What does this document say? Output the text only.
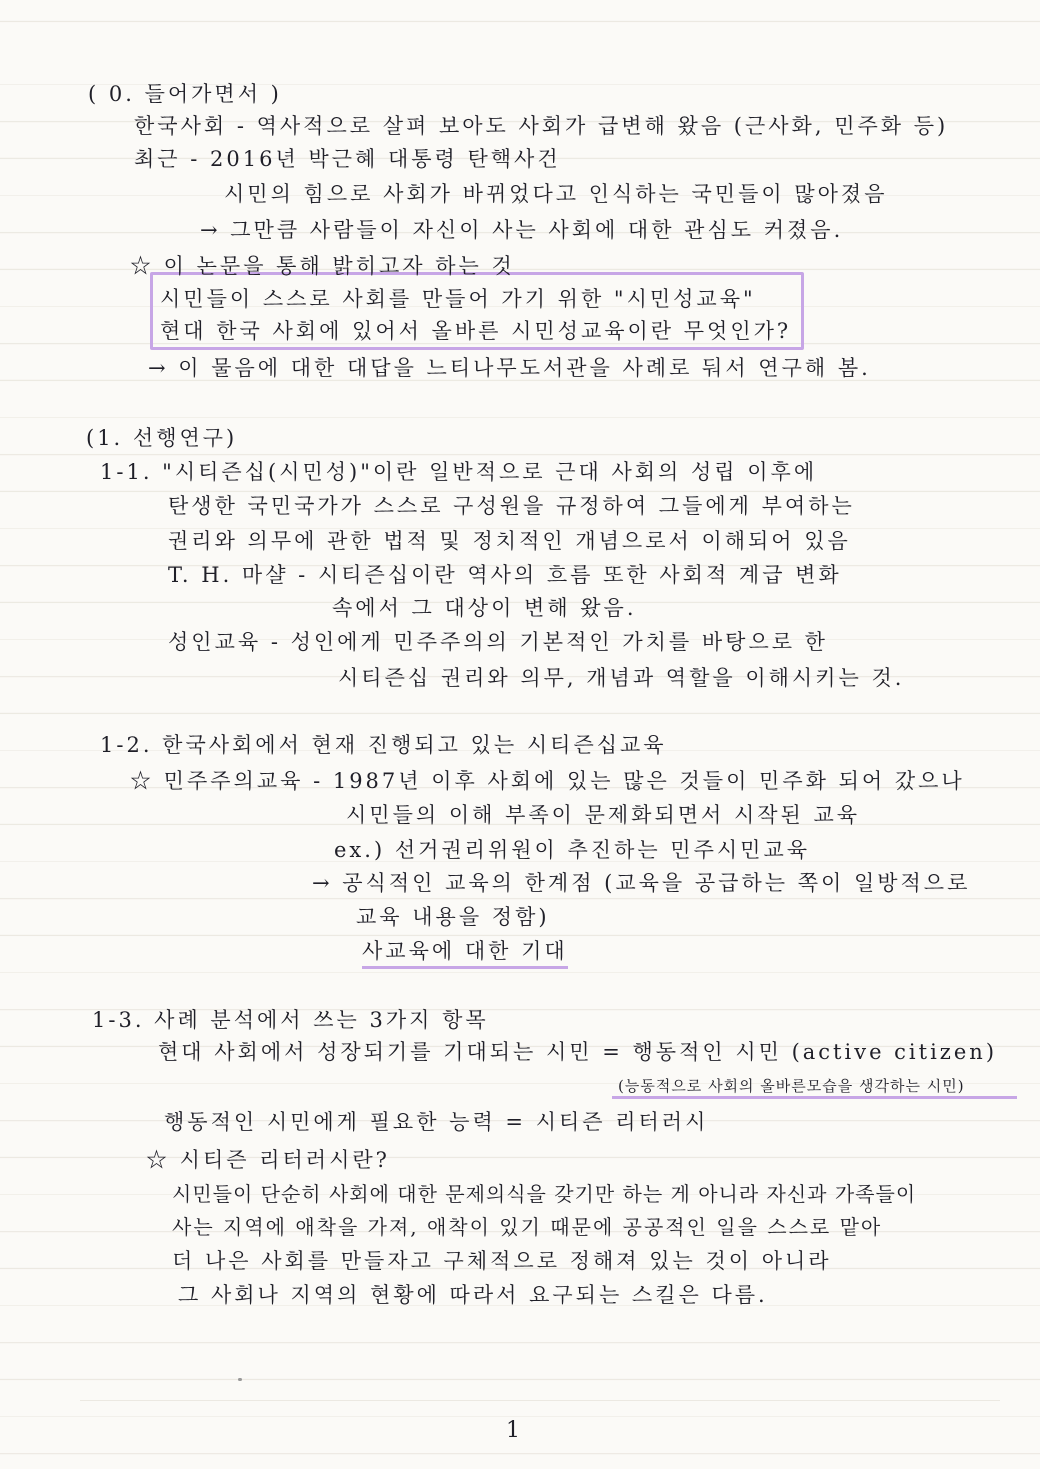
( 0. 들어가면서 )
한국사회 - 역사적으로 살펴 보아도 사회가 급변해 왔음 (근사화, 민주화 등)
최근 - 2016년 박근혜 대통령 탄핵사건
시민의 힘으로 사회가 바뀌었다고 인식하는 국민들이 많아졌음
→ 그만큼 사람들이 자신이 사는 사회에 대한 관심도 커졌음.
☆ 이 논문을 통해 밝히고자 하는 것
시민들이 스스로 사회를 만들어 가기 위한 "시민성교육"
현대 한국 사회에 있어서 올바른 시민성교육이란 무엇인가?
→ 이 물음에 대한 대답을 느티나무도서관을 사례로 둬서 연구해 봄.
(1. 선행연구)
1-1. "시티즌십(시민성)"이란 일반적으로 근대 사회의 성립 이후에
탄생한 국민국가가 스스로 구성원을 규정하여 그들에게 부여하는
권리와 의무에 관한 법적 및 정치적인 개념으로서 이해되어 있음
T. H. 마샬 - 시티즌십이란 역사의 흐름 또한 사회적 계급 변화
속에서 그 대상이 변해 왔음.
성인교육 - 성인에게 민주주의의 기본적인 가치를 바탕으로 한
시티즌십 권리와 의무, 개념과 역할을 이해시키는 것.
1-2. 한국사회에서 현재 진행되고 있는 시티즌십교육
☆ 민주주의교육 - 1987년 이후 사회에 있는 많은 것들이 민주화 되어 갔으나
시민들의 이해 부족이 문제화되면서 시작된 교육
ex.) 선거권리위원이 추진하는 민주시민교육
→ 공식적인 교육의 한계점 (교육을 공급하는 쪽이 일방적으로
교육 내용을 정함)
사교육에 대한 기대
1-3. 사례 분석에서 쓰는 3가지 항목
현대 사회에서 성장되기를 기대되는 시민 = 행동적인 시민 (active citizen)
(능동적으로 사회의 올바른모습을 생각하는 시민)
행동적인 시민에게 필요한 능력 = 시티즌 리터러시
☆ 시티즌 리터러시란?
시민들이 단순히 사회에 대한 문제의식을 갖기만 하는 게 아니라 자신과 가족들이
사는 지역에 애착을 가져, 애착이 있기 때문에 공공적인 일을 스스로 맡아
더 나은 사회를 만들자고 구체적으로 정해져 있는 것이 아니라
그 사회나 지역의 현황에 따라서 요구되는 스킬은 다름.
1
